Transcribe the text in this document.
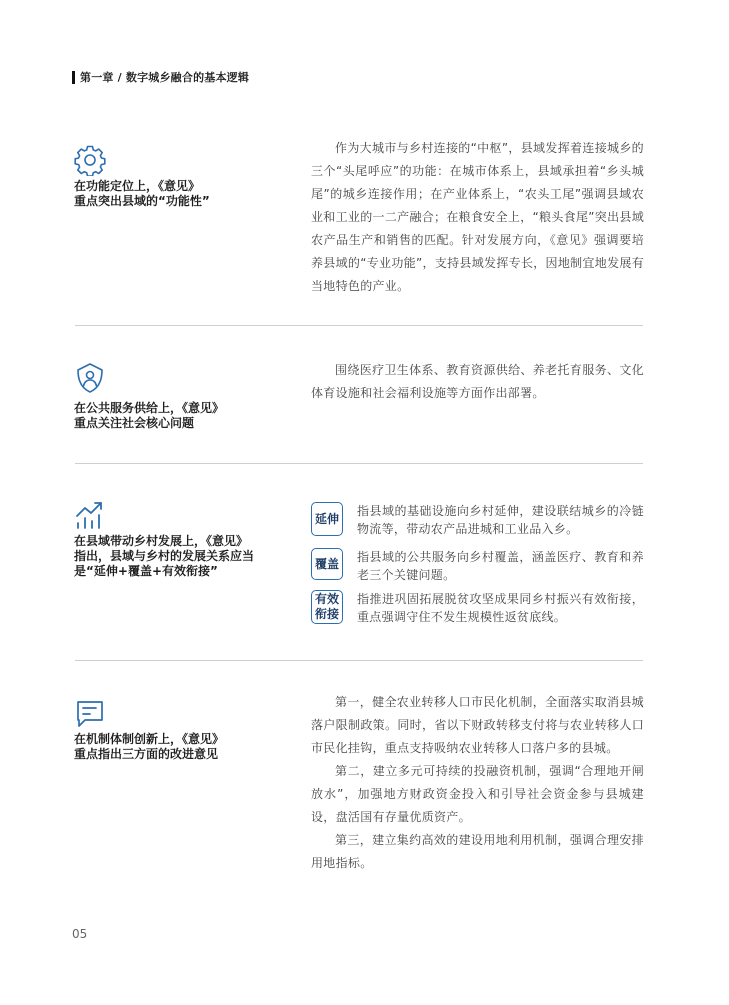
第一章 / 数字城乡融合的基本逻辑
在功能定位上，《意见》
重点突出县域的“功能性”

作为大城市与乡村连接的“中枢”，县域发挥着连接城乡的三个“头尾呼应”的功能：在城市体系上，县域承担着“乡头城尾”的城乡连接作用；在产业体系上，“农头工尾”强调县域农业和工业的一二产融合；在粮食安全上，“粮头食尾”突出县域农产品生产和销售的匹配。针对发展方向，《意见》强调要培养县域的“专业功能”，支持县域发挥专长，因地制宜地发展有当地特色的产业。

在公共服务供给上，《意见》
重点关注社会核心问题

围绕医疗卫生体系、教育资源供给、养老托育服务、文化体育设施和社会福利设施等方面作出部署。

在县域带动乡村发展上，《意见》
指出，县域与乡村的发展关系应当
是“延伸+覆盖+有效衔接”
延伸
指县域的基础设施向乡村延伸，建设联结城乡的冷链物流等，带动农产品进城和工业品入乡。
覆盖	指县域的公共服务向乡村覆盖，涵盖医疗、教育和养老三个关键问题。
有效
衔接
指推进巩固拓展脱贫攻坚成果同乡村振兴有效衔接，重点强调守住不发生规模性返贫底线。
在机制体制创新上，《意见》
重点指出三方面的改进意见

第一，健全农业转移人口市民化机制，全面落实取消县城落户限制政策。同时，省以下财政转移支付将与农业转移人口市民化挂钩，重点支持吸纳农业转移人口落户多的县城。

第二，建立多元可持续的投融资机制，强调“合理地开闸放水”，加强地方财政资金投入和引导社会资金参与县城建设，盘活国有存量优质资产。

第三，建立集约高效的建设用地利用机制，强调合理安排用地指标。

05
